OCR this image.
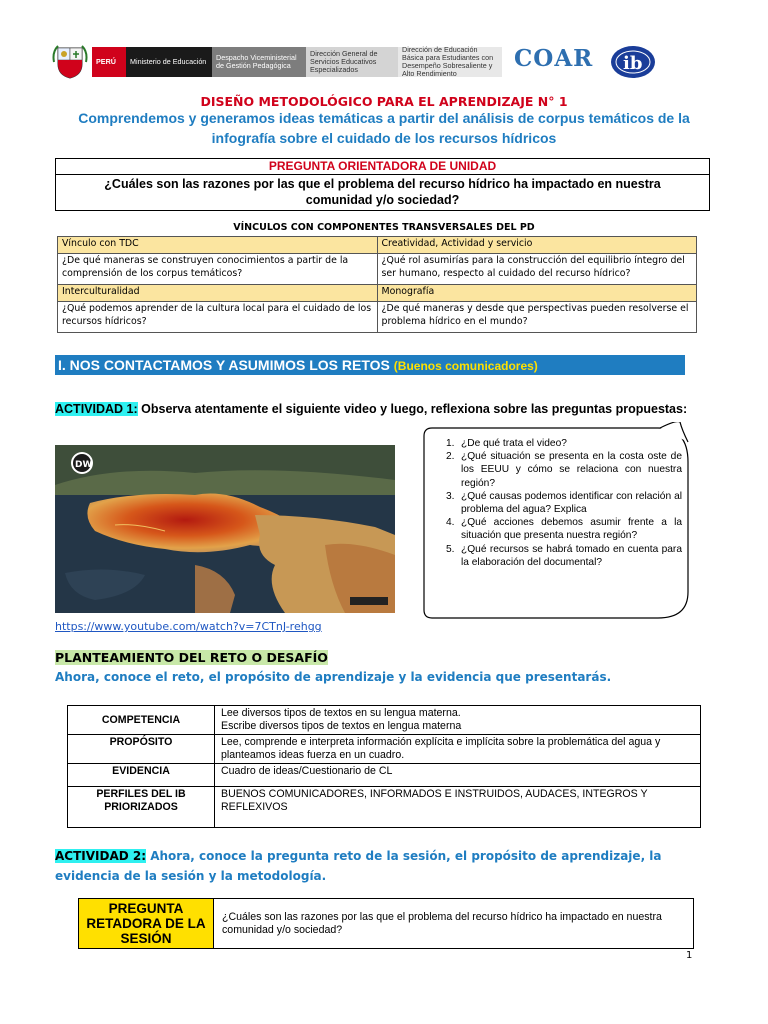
PERÚ	Ministerio de Educación	Despacho Viceministerial de Gestión Pedagógica
Dirección General de Servicios Educativos Especializados
Dirección de Educación Básica para Estudiantes con Desempeño Sobresaliente y Alto Rendimiento
COAR ib
DISEÑO METODOLÓGICO PARA EL APRENDIZAJE N° 1
Comprendemos y generamos ideas temáticas a partir del análisis de corpus temáticos de la infografía sobre el cuidado de los recursos hídricos
PREGUNTA ORIENTADORA DE UNIDAD
¿Cuáles son las razones por las que el problema del recurso hídrico ha impactado en nuestra comunidad y/o sociedad?
VÍNCULOS CON COMPONENTES TRANSVERSALES DEL PD
Vínculo con TDC	Creatividad, Actividad y servicio
¿De qué maneras se construyen conocimientos a partir de la comprensión de los corpus temáticos?	¿Qué rol asumirías para la construcción del equilibrio íntegro del ser humano, respecto al cuidado del recurso hídrico?
Interculturalidad	Monografía
¿Qué podemos aprender de la cultura local para el cuidado de los recursos hídricos?	¿De qué maneras y desde que perspectivas pueden resolverse el problema hídrico en el mundo?
I. NOS CONTACTAMOS Y ASUMIMOS LOS RETOS (Buenos comunicadores)
ACTIVIDAD 1: Observa atentamente el siguiente video y luego, reflexiona sobre las preguntas propuestas:
DW
1. ¿De qué trata el video?
2. ¿Qué situación se presenta en la costa oste de los EEUU y cómo se relaciona con nuestra región?
3. ¿Qué causas podemos identificar con relación al problema del agua? Explica
4. ¿Qué acciones debemos asumir frente a la situación que presenta nuestra región?
5. ¿Qué recursos se habrá tomado en cuenta para la elaboración del documental?
https://www.youtube.com/watch?v=7CTnJ-rehgg
PLANTEAMIENTO DEL RETO O DESAFÍO
Ahora, conoce el reto, el propósito de aprendizaje y la evidencia que presentarás.
COMPETENCIA	Lee diversos tipos de textos en su lengua materna.
Escribe diversos tipos de textos en lengua materna
PROPÓSITO	Lee, comprende e interpreta información explícita e implícita sobre la problemática del agua y planteamos ideas fuerza en un cuadro.
EVIDENCIA	Cuadro de ideas/Cuestionario de CL
PERFILES DEL IB PRIORIZADOS	BUENOS COMUNICADORES, INFORMADOS E INSTRUIDOS, AUDACES, INTEGROS Y REFLEXIVOS
ACTIVIDAD 2: Ahora, conoce la pregunta reto de la sesión, el propósito de aprendizaje, la evidencia de la sesión y la metodología.
PREGUNTA RETADORA DE LA SESIÓN	¿Cuáles son las razones por las que el problema del recurso hídrico ha impactado en nuestra comunidad y/o sociedad?
1
